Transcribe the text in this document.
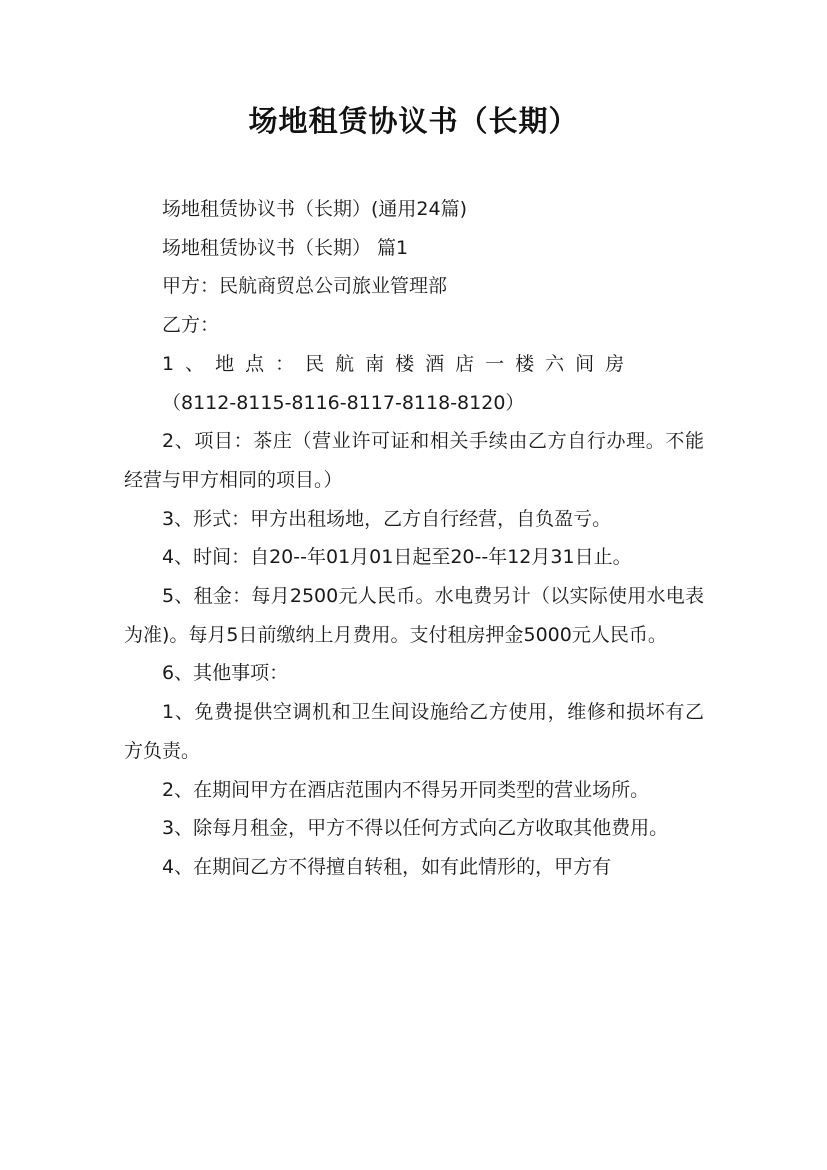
场地租赁协议书（长期）

场地租赁协议书（长期）(通用24篇)

场地租赁协议书（长期） 篇1

甲方：民航商贸总公司旅业管理部

乙方：

1、地点：民航南楼酒店一楼六间房

（8112-8115-8116-8117-8118-8120）

2、项目：茶庄（营业许可证和相关手续由乙方自行办理。不能经营与甲方相同的项目。）

3、形式：甲方出租场地，乙方自行经营，自负盈亏。

4、时间：自20--年01月01日起至20--年12月31日止。

5、租金：每月2500元人民币。水电费另计（以实际使用水电表为准)。每月5日前缴纳上月费用。支付租房押金5000元人民币。

6、其他事项：

1、免费提供空调机和卫生间设施给乙方使用，维修和损坏有乙方负责。

2、在期间甲方在酒店范围内不得另开同类型的营业场所。

3、除每月租金，甲方不得以任何方式向乙方收取其他费用。

4、在期间乙方不得擅自转租，如有此情形的，甲方有
